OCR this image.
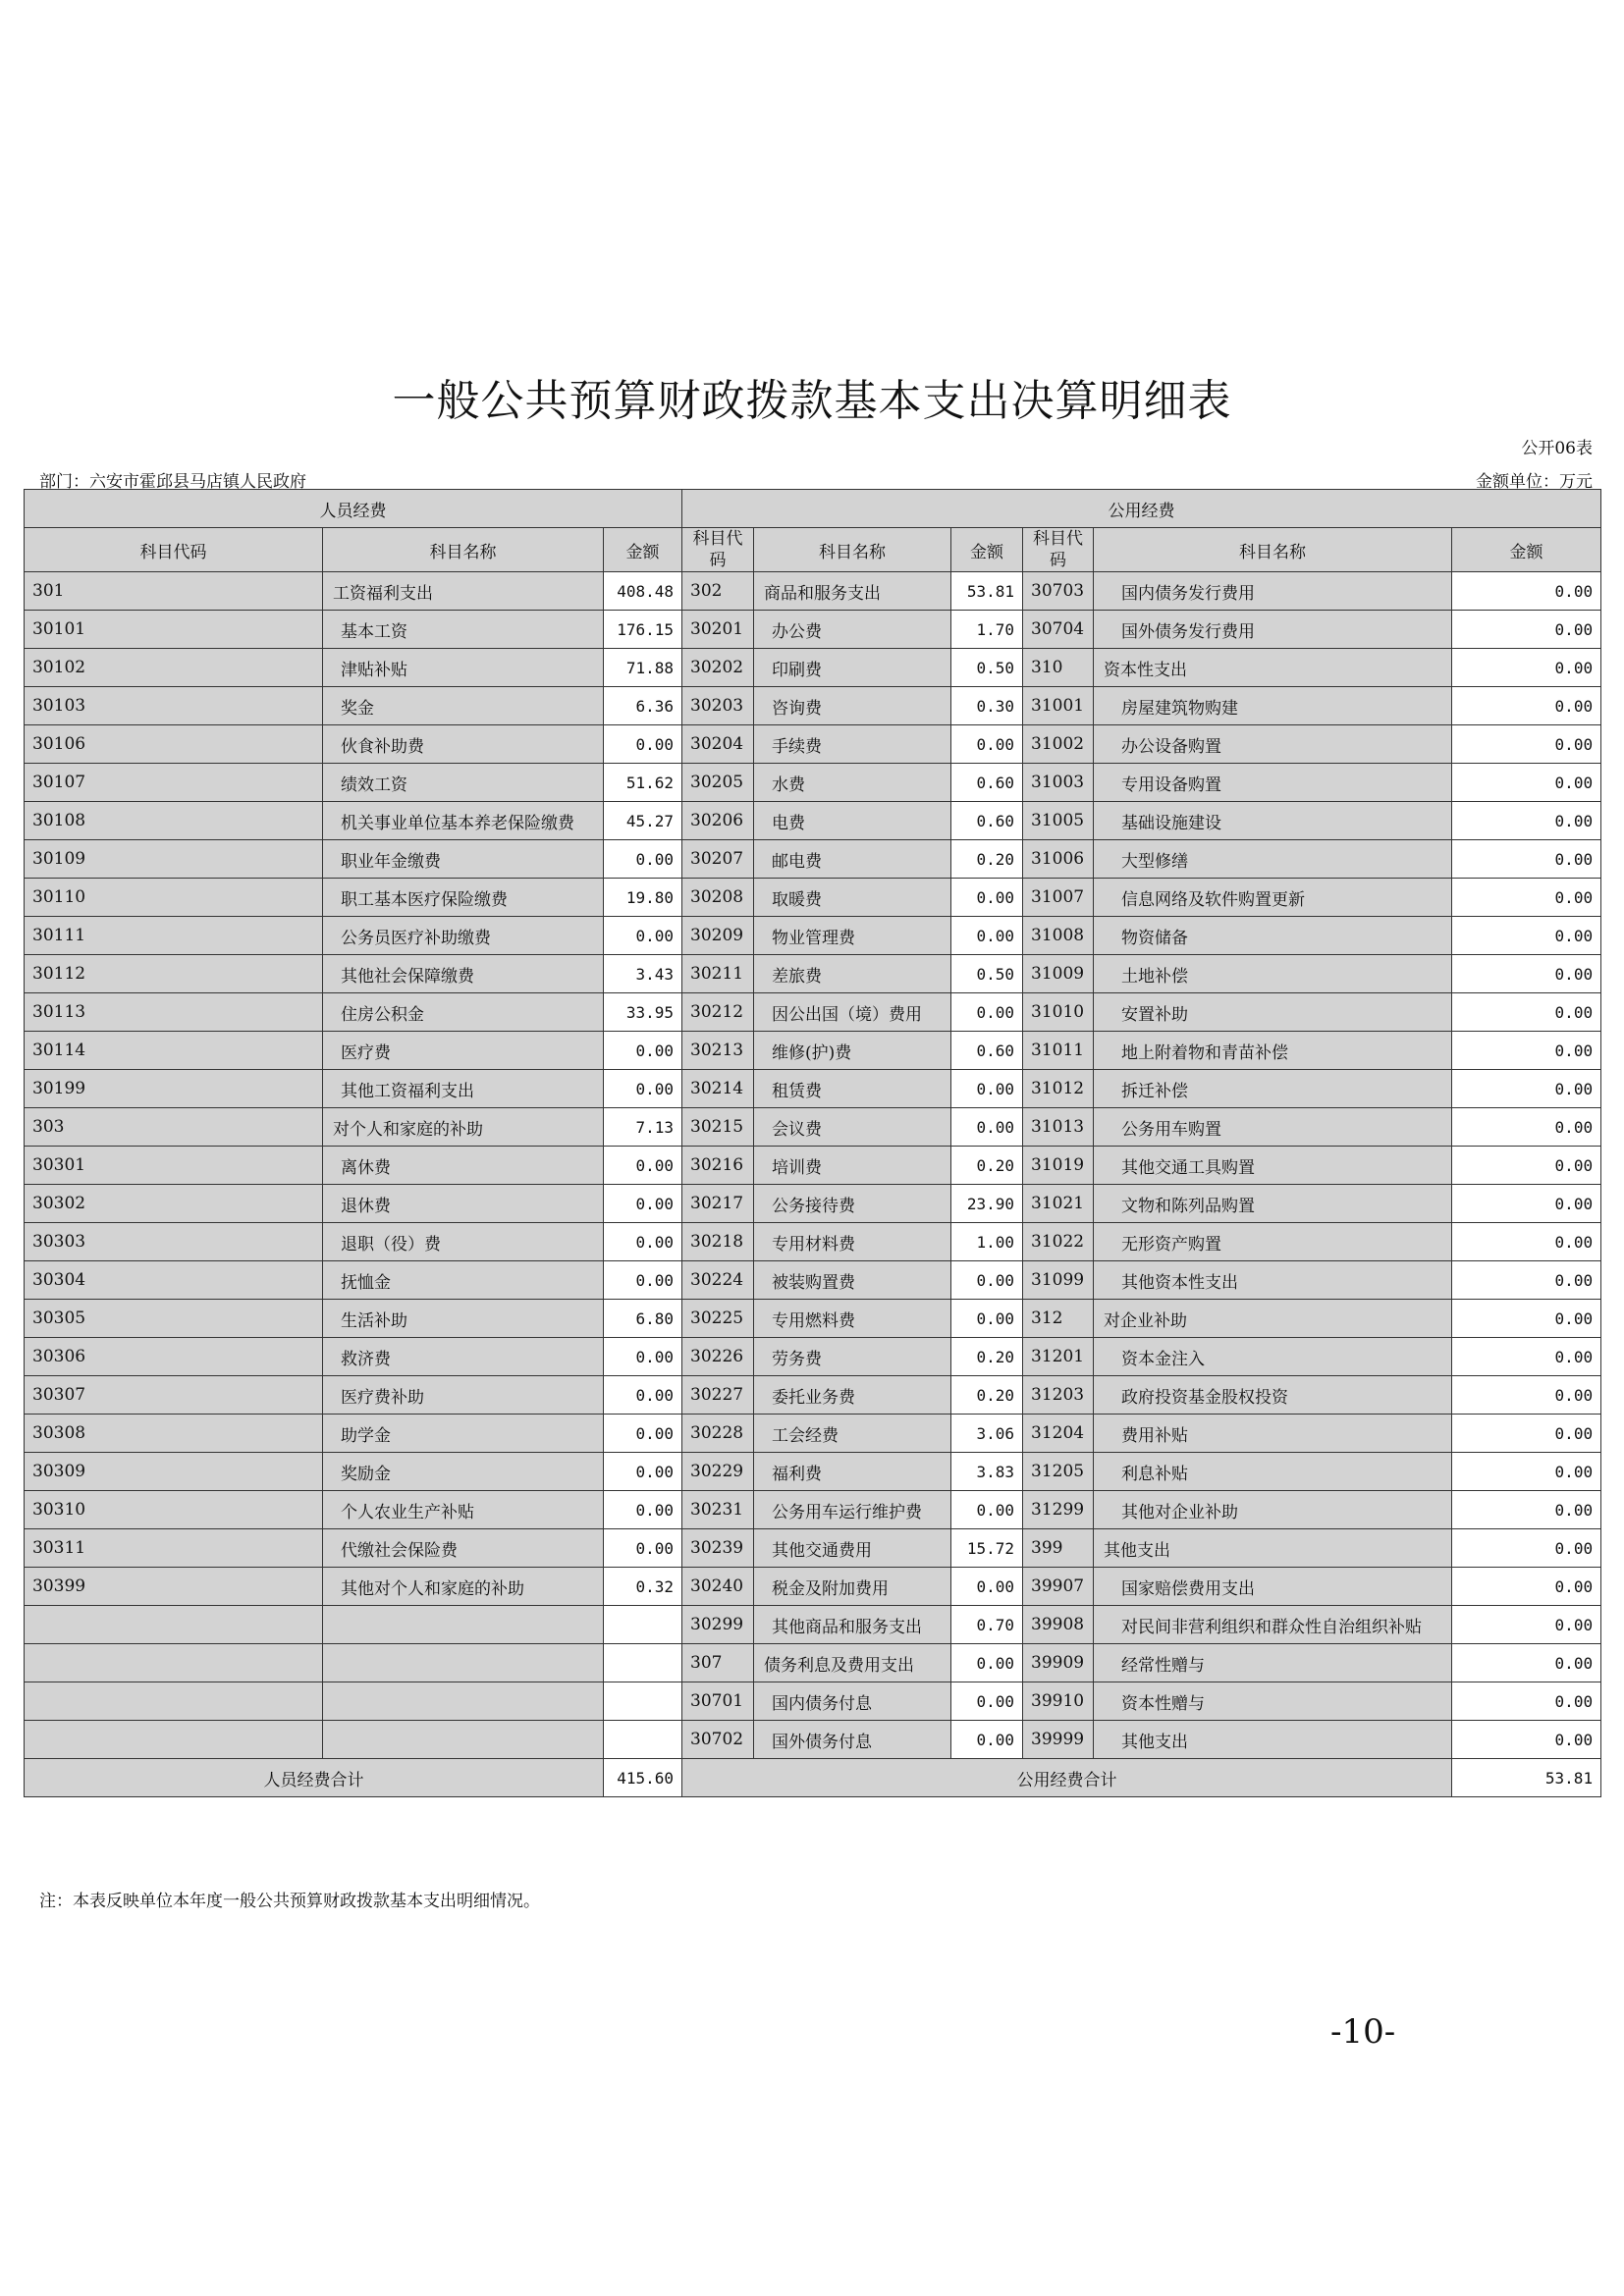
一般公共预算财政拨款基本支出决算明细表
公开06表
部门：六安市霍邱县马店镇人民政府	金额单位：万元
人员经费			公用经费					
科目代码	科目名称	金额	科目代码	科目名称	金额	科目代码	科目名称	金额
301	工资福利支出	408.48	302	商品和服务支出	53.81	30703	国内债务发行费用	0.00
30101	基本工资	176.15	30201	办公费	1.70	30704	国外债务发行费用	0.00
30102	津贴补贴	71.88	30202	印刷费	0.50	310	资本性支出	0.00
30103	奖金	6.36	30203	咨询费	0.30	31001	房屋建筑物购建	0.00
30106	伙食补助费	0.00	30204	手续费	0.00	31002	办公设备购置	0.00
30107	绩效工资	51.62	30205	水费	0.60	31003	专用设备购置	0.00
30108	机关事业单位基本养老保险缴费	45.27	30206	电费	0.60	31005	基础设施建设	0.00
30109	职业年金缴费	0.00	30207	邮电费	0.20	31006	大型修缮	0.00
30110	职工基本医疗保险缴费	19.80	30208	取暖费	0.00	31007	信息网络及软件购置更新	0.00
30111	公务员医疗补助缴费	0.00	30209	物业管理费	0.00	31008	物资储备	0.00
30112	其他社会保障缴费	3.43	30211	差旅费	0.50	31009	土地补偿	0.00
30113	住房公积金	33.95	30212	因公出国（境）费用	0.00	31010	安置补助	0.00
30114	医疗费	0.00	30213	维修(护)费	0.60	31011	地上附着物和青苗补偿	0.00
30199	其他工资福利支出	0.00	30214	租赁费	0.00	31012	拆迁补偿	0.00
303	对个人和家庭的补助	7.13	30215	会议费	0.00	31013	公务用车购置	0.00
30301	离休费	0.00	30216	培训费	0.20	31019	其他交通工具购置	0.00
30302	退休费	0.00	30217	公务接待费	23.90	31021	文物和陈列品购置	0.00
30303	退职（役）费	0.00	30218	专用材料费	1.00	31022	无形资产购置	0.00
30304	抚恤金	0.00	30224	被装购置费	0.00	31099	其他资本性支出	0.00
30305	生活补助	6.80	30225	专用燃料费	0.00	312	对企业补助	0.00
30306	救济费	0.00	30226	劳务费	0.20	31201	资本金注入	0.00
30307	医疗费补助	0.00	30227	委托业务费	0.20	31203	政府投资基金股权投资	0.00
30308	助学金	0.00	30228	工会经费	3.06	31204	费用补贴	0.00
30309	奖励金	0.00	30229	福利费	3.83	31205	利息补贴	0.00
30310	个人农业生产补贴	0.00	30231	公务用车运行维护费	0.00	31299	其他对企业补助	0.00
30311	代缴社会保险费	0.00	30239	其他交通费用	15.72	399	其他支出	0.00
30399	其他对个人和家庭的补助	0.32	30240	税金及附加费用	0.00	39907	国家赔偿费用支出	0.00
			30299	其他商品和服务支出	0.70	39908	对民间非营利组织和群众性自治组织补贴	0.00
			307	债务利息及费用支出	0.00	39909	经常性赠与	0.00
			30701	国内债务付息	0.00	39910	资本性赠与	0.00
			30702	国外债务付息	0.00	39999	其他支出	0.00
人员经费合计		415.60	公用经费合计					53.81
注：本表反映单位本年度一般公共预算财政拨款基本支出明细情况。
-10-
